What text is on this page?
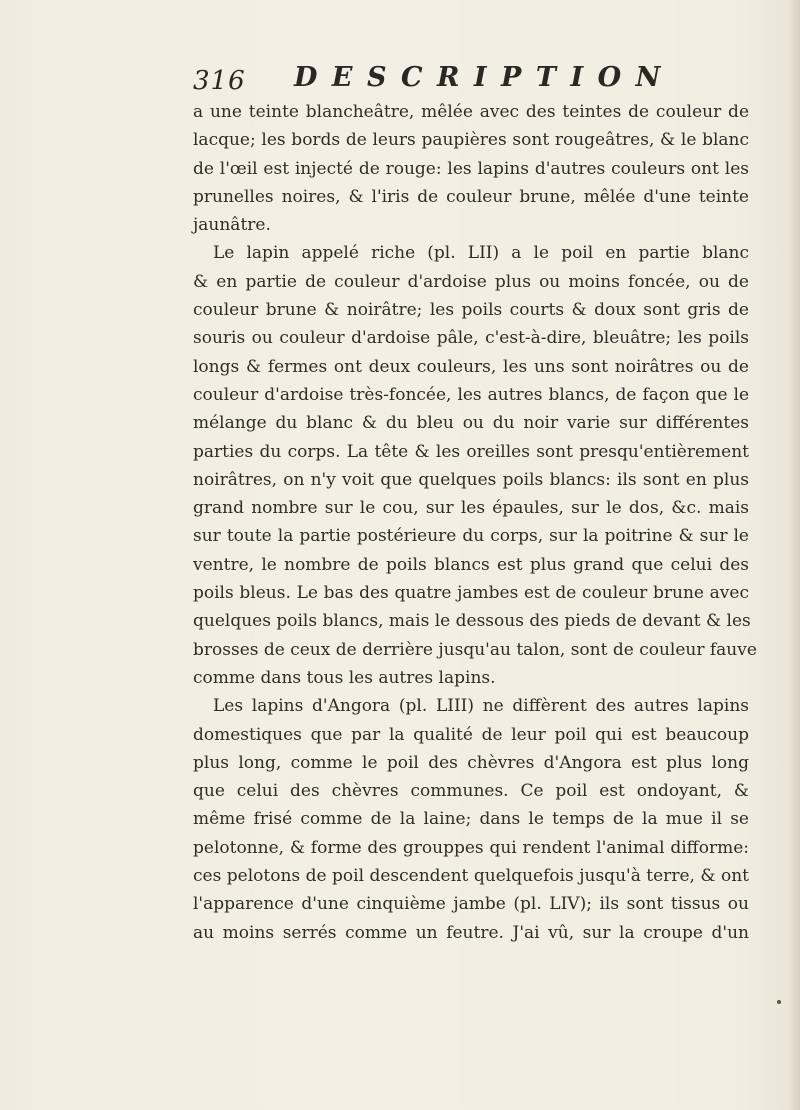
316 DESCRIPTION
a une teinte blanchеâtre, mêlée avec des teintes de couleur de
lacque; les bords de leurs paupières sont rougeâtres, & le blanc
de l'œil est injecté de rouge: les lapins d'autres couleurs ont les
prunelles noires, & l'iris de couleur brune, mêlée d'une teinte
jaunâtre.
Le lapin appelé riche (pl. LII) a le poil en partie blanc
& en partie de couleur d'ardoise plus ou moins foncée, ou de
couleur brune & noirâtre; les poils courts & doux sont gris de
souris ou couleur d'ardoise pâle, c'est-à-dire, bleuâtre; les poils
longs & fermes ont deux couleurs, les uns sont noirâtres ou de
couleur d'ardoise très-foncée, les autres blancs, de façon que le
mélange du blanc & du bleu ou du noir varie sur différentes
parties du corps. La tête & les oreilles sont presqu'entièrement
noirâtres, on n'y voit que quelques poils blancs: ils sont en plus
grand nombre sur le cou, sur les épaules, sur le dos, &c. mais
sur toute la partie postérieure du corps, sur la poitrine & sur le
ventre, le nombre de poils blancs est plus grand que celui des
poils bleus. Le bas des quatre jambes est de couleur brune avec
quelques poils blancs, mais le dessous des pieds de devant & les
brosses de ceux de derrière jusqu'au talon, sont de couleur fauve
comme dans tous les autres lapins.
Les lapins d'Angora (pl. LIII) ne diffèrent des autres lapins
domestiques que par la qualité de leur poil qui est beaucoup
plus long, comme le poil des chèvres d'Angora est plus long
que celui des chèvres communes. Ce poil est ondoyant, &
même frisé comme de la laine; dans le temps de la mue il se
pelotonne, & forme des grouppes qui rendent l'animal difforme:
ces pelotons de poil descendent quelquefois jusqu'à terre, & ont
l'apparence d'une cinquième jambe (pl. LIV); ils sont tissus ou
au moins serrés comme un feutre. J'ai vû, sur la croupe d'un
